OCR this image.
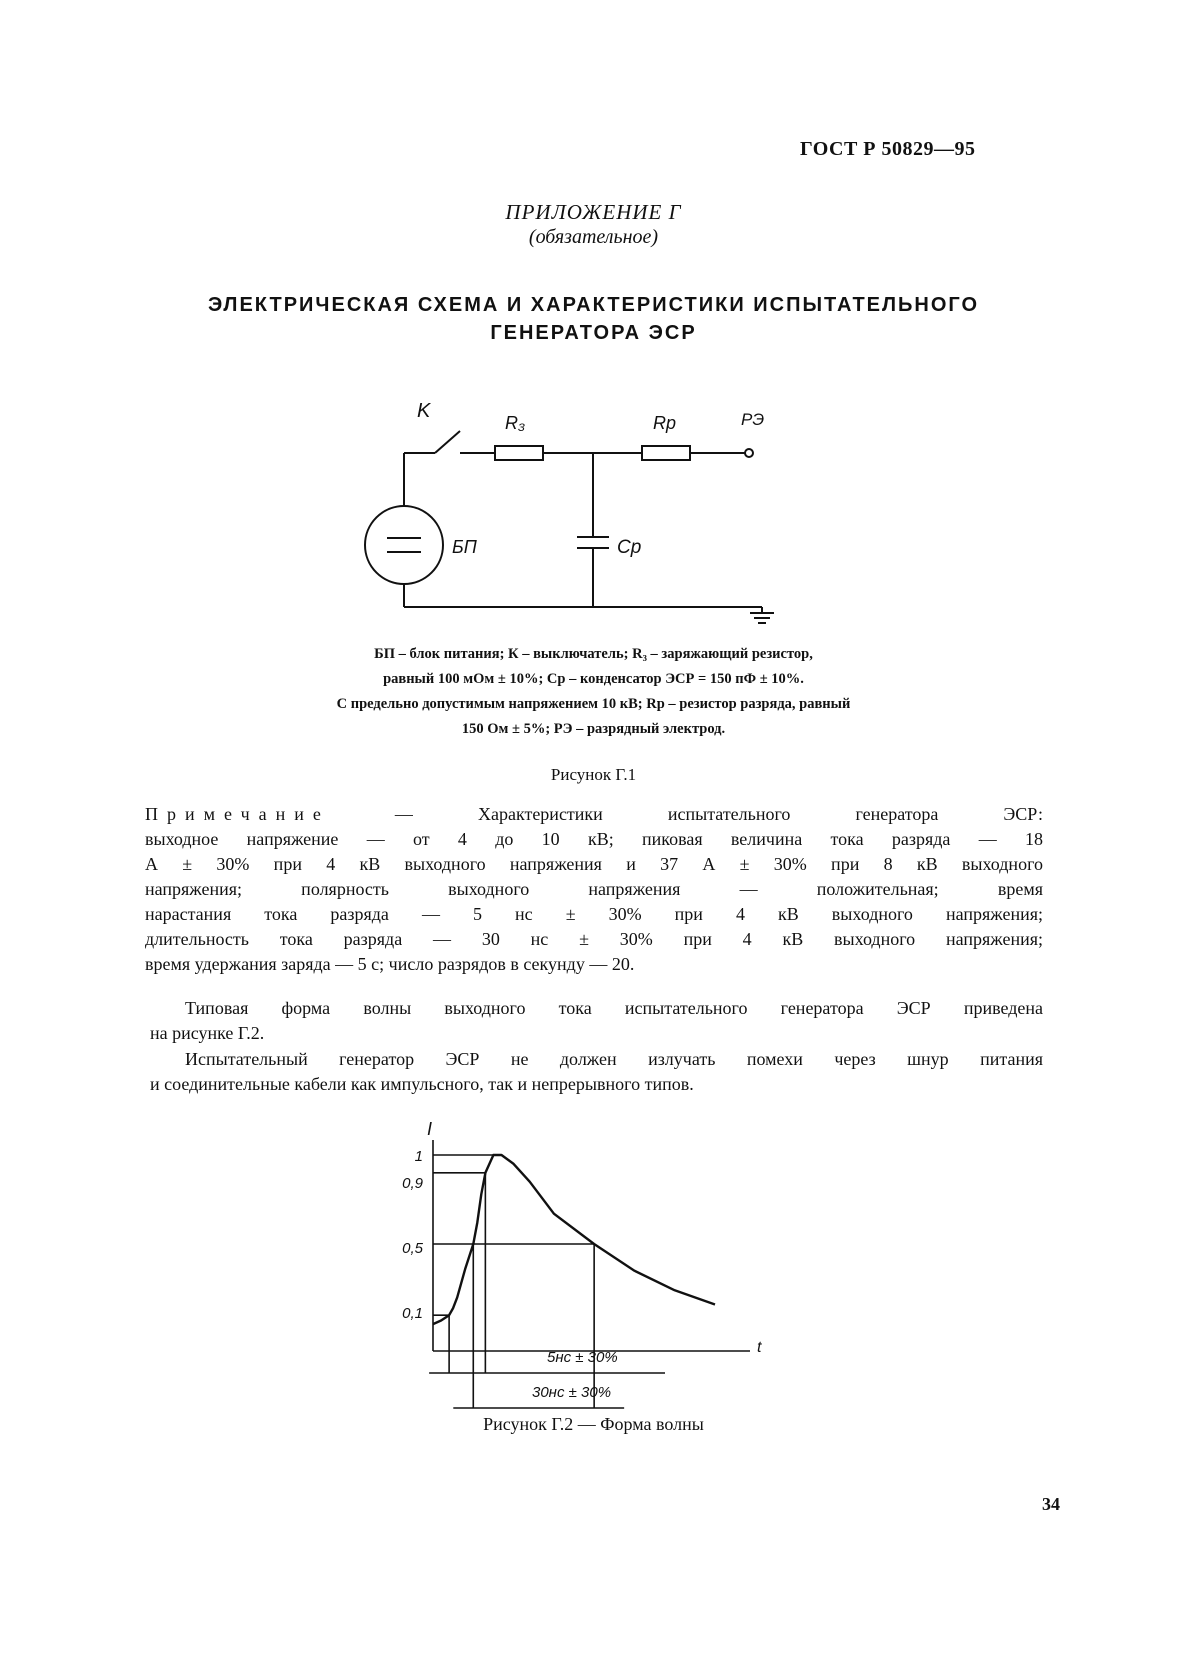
ГОСТ Р 50829—95
ПРИЛОЖЕНИЕ Г
(обязательное)
ЭЛЕКТРИЧЕСКАЯ СХЕМА И ХАРАКТЕРИСТИКИ ИСПЫТАТЕЛЬНОГО
ГЕНЕРАТОРА ЭСР
K
R₃	Rр	РЭ
БП	Cр
БП – блок питания; К – выключатель; R₃ – заряжающий резистор,
равный 100 мОм ± 10%; Ср – конденсатор ЭСР = 150 пФ ± 10%.
С предельно допустимым напряжением 10 кВ; Rр – резистор разряда, равный
150 Ом ± 5%; РЭ – разрядный электрод.
Рисунок Г.1
Примечание	— Характеристики испытательного генератора ЭСР:
выходное напряжение — от 4 до 10 кВ; пиковая величина тока разряда — 18
А ± 30% при 4 кВ выходного напряжения и 37 А ± 30% при 8 кВ выходного
напряжения; полярность выходного напряжения — положительная; время
нарастания тока разряда — 5 нс ± 30% при 4 кВ выходного напряжения;
длительность тока разряда — 30 нс ± 30% при 4 кВ выходного напряжения;
время удержания заряда — 5 с; число разрядов в секунду — 20.
Типовая форма волны выходного тока испытательного генератора ЭСР приведена
на рисунке Г.2.
Испытательный генератор ЭСР не должен излучать помехи через шнур питания
и соединительные кабели как импульсного, так и непрерывного типов.
I
t
1
0,9
0,5
0,1
5нс ± 30%
30нс ± 30%
Рисунок Г.2 — Форма волны
34
